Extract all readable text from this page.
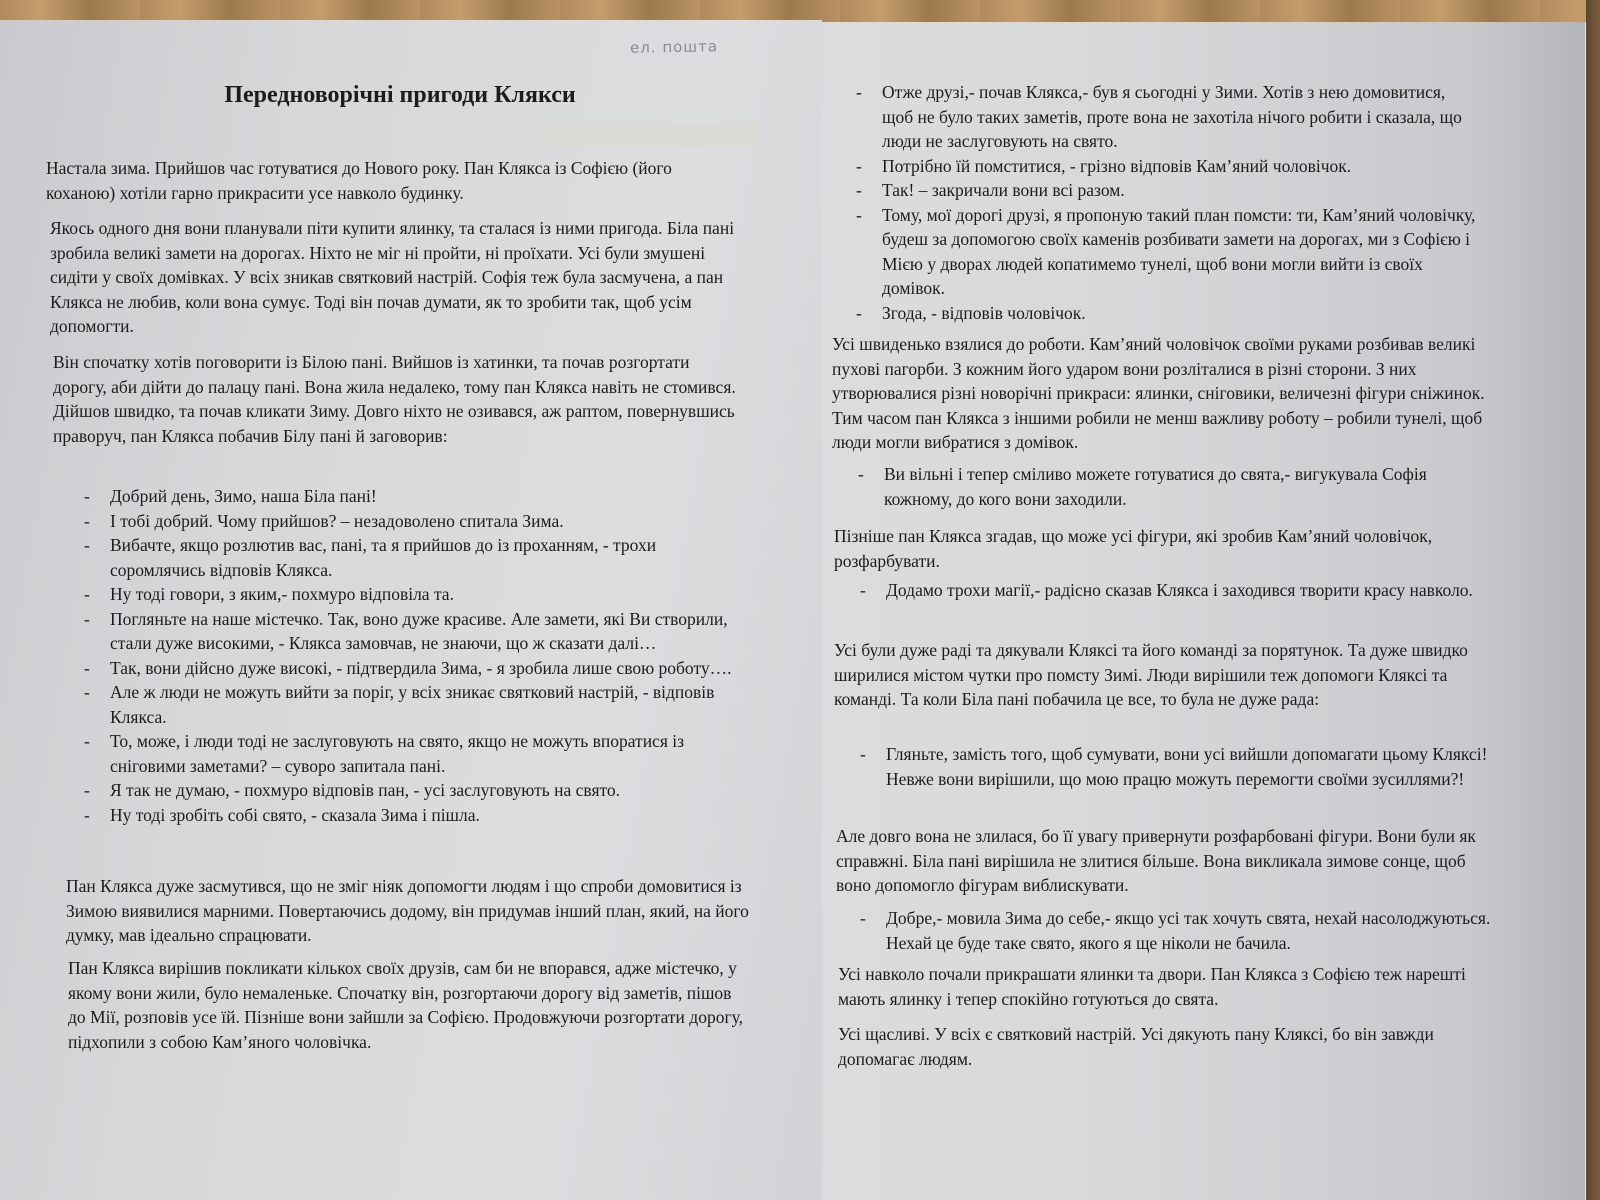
ел. пошта
Передноворічні пригоди Клякси

Настала зима. Прийшов час готуватися до Нового року. Пан Клякса із Софією (його коханою) хотіли гарно прикрасити усе навколо будинку.

Якось одного дня вони планували піти купити ялинку, та сталася із ними пригода. Біла пані зробила великі замети на дорогах. Ніхто не міг ні пройти, ні проїхати. Усі були змушені сидіти у своїх домівках. У всіх зникав святковий настрій. Софія теж була засмучена, а пан Клякса не любив, коли вона сумує. Тоді він почав думати, як то зробити так, щоб усім допомогти.

Він спочатку хотів поговорити із Білою пані. Вийшов із хатинки, та почав розгортати дорогу, аби дійти до палацу пані. Вона жила недалеко, тому пан Клякса навіть не стомився. Дійшов швидко, та почав кликати Зиму. Довго ніхто не озивався, аж раптом, повернувшись праворуч, пан Клякса побачив Білу пані й заговорив:

- Добрий день, Зимо, наша Біла пані!
- І тобі добрий. Чому прийшов? – незадоволено спитала Зима.
- Вибачте, якщо розлютив вас, пані, та я прийшов до із проханням, - трохи соромлячись відповів Клякса.
- Ну тоді говори, з яким,- похмуро відповіла та.
- Погляньте на наше містечко. Так, воно дуже красиве. Але замети, які Ви створили, стали дуже високими, - Клякса замовчав, не знаючи, що ж сказати далі…
- Так, вони дійсно дуже високі, - підтвердила Зима, - я зробила лише свою роботу….
- Але ж люди не можуть вийти за поріг, у всіх зникає святковий настрій, - відповів Клякса.
- То, може, і люди тоді не заслуговують на свято, якщо не можуть впоратися із сніговими заметами? – суворо запитала пані.
- Я так не думаю, - похмуро відповів пан, - усі заслуговують на свято.
- Ну тоді зробіть собі свято, - сказала Зима і пішла.

Пан Клякса дуже засмутився, що не зміг ніяк допомогти людям і що спроби домовитися із Зимою виявилися марними. Повертаючись додому, він придумав інший план, який, на його думку, мав ідеально спрацювати.

Пан Клякса вирішив покликати кількох своїх друзів, сам би не впорався, адже містечко, у якому вони жили, було немаленьке. Спочатку він, розгортаючи дорогу від заметів, пішов до Мії, розповів усе їй. Пізніше вони зайшли за Софією. Продовжуючи розгортати дорогу, підхопили з собою Кам’яного чоловічка.

- Отже друзі,- почав Клякса,- був я сьогодні у Зими. Хотів з нею домовитися, щоб не було таких заметів, проте вона не захотіла нічого робити і сказала, що люди не заслуговують на свято.
- Потрібно їй помститися, - грізно відповів Кам’яний чоловічок.
- Так! – закричали вони всі разом.
- Тому, мої дорогі друзі, я пропоную такий план помсти: ти, Кам’яний чоловічку, будеш за допомогою своїх каменів розбивати замети на дорогах, ми з Софією і Мією у дворах людей копатимемо тунелі, щоб вони могли вийти із своїх домівок.
- Згода, - відповів чоловічок.

Усі швиденько взялися до роботи. Кам’яний чоловічок своїми руками розбивав великі пухові пагорби. З кожним його ударом вони розліталися в різні сторони. З них утворювалися різні новорічні прикраси: ялинки, сніговики, величезні фігури сніжинок. Тим часом пан Клякса з іншими робили не менш важливу роботу – робили тунелі, щоб люди могли вибратися з домівок.

- Ви вільні і тепер сміливо можете готуватися до свята,- вигукувала Софія кожному, до кого вони заходили.

Пізніше пан Клякса згадав, що може усі фігури, які зробив Кам’яний чоловічок, розфарбувати.

- Додамо трохи магії,- радісно сказав Клякса і заходився творити красу навколо.

Усі були дуже раді та дякували Кляксі та його команді за порятунок. Та дуже швидко ширилися містом чутки про помсту Зимі. Люди вирішили теж допомоги Кляксі та команді. Та коли Біла пані побачила це все, то була не дуже рада:

- Гляньте, замість того, щоб сумувати, вони усі вийшли допомагати цьому Кляксі! Невже вони вирішили, що мою працю можуть перемогти своїми зусиллями?!

Але довго вона не злилася, бо її увагу привернути розфарбовані фігури. Вони були як справжні. Біла пані вирішила не злитися більше. Вона викликала зимове сонце, щоб воно допомогло фігурам виблискувати.

- Добре,- мовила Зима до себе,- якщо усі так хочуть свята, нехай насолоджуються. Нехай це буде таке свято, якого я ще ніколи не бачила.

Усі навколо почали прикрашати ялинки та двори. Пан Клякса з Софією теж нарешті мають ялинку і тепер спокійно готуються до свята.

Усі щасливі. У всіх є святковий настрій. Усі дякують пану Кляксі, бо він завжди допомагає людям.
